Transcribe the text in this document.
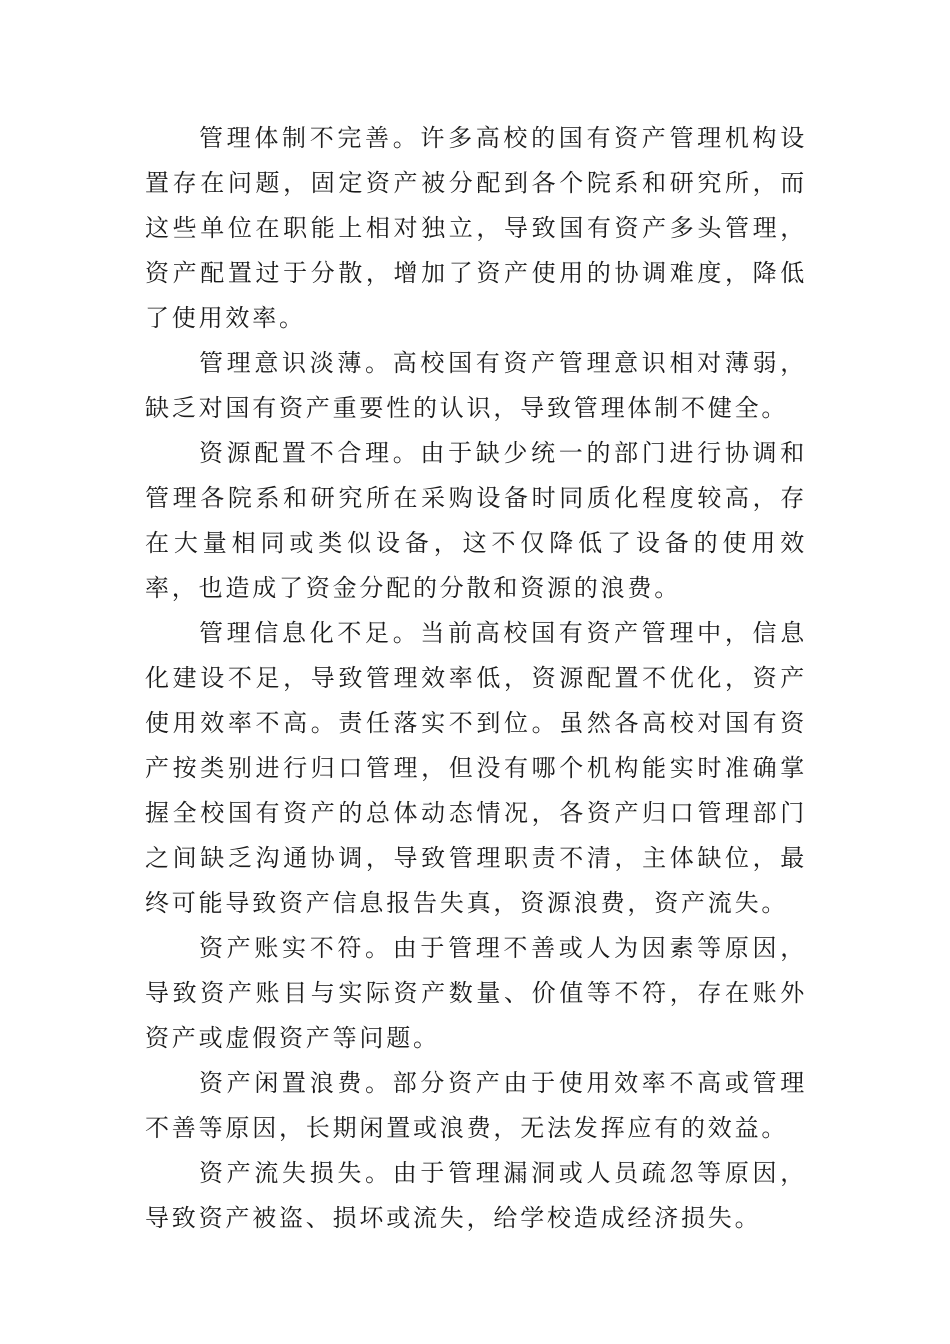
管理体制不完善。许多高校的国有资产管理机构设置存在问题，固定资产被分配到各个院系和研究所，而这些单位在职能上相对独立，导致国有资产多头管理，资产配置过于分散，增加了资产使用的协调难度，降低了使用效率。

管理意识淡薄。高校国有资产管理意识相对薄弱，缺乏对国有资产重要性的认识，导致管理体制不健全。

资源配置不合理。由于缺少统一的部门进行协调和管理各院系和研究所在采购设备时同质化程度较高，存在大量相同或类似设备，这不仅降低了设备的使用效率，也造成了资金分配的分散和资源的浪费。

管理信息化不足。当前高校国有资产管理中，信息化建设不足，导致管理效率低，资源配置不优化，资产使用效率不高。责任落实不到位。虽然各高校对国有资产按类别进行归口管理，但没有哪个机构能实时准确掌握全校国有资产的总体动态情况，各资产归口管理部门之间缺乏沟通协调，导致管理职责不清，主体缺位，最终可能导致资产信息报告失真，资源浪费，资产流失。

资产账实不符。由于管理不善或人为因素等原因，导致资产账目与实际资产数量、价值等不符，存在账外资产或虚假资产等问题。

资产闲置浪费。部分资产由于使用效率不高或管理不善等原因，长期闲置或浪费，无法发挥应有的效益。

资产流失损失。由于管理漏洞或人员疏忽等原因，导致资产被盗、损坏或流失，给学校造成经济损失。
